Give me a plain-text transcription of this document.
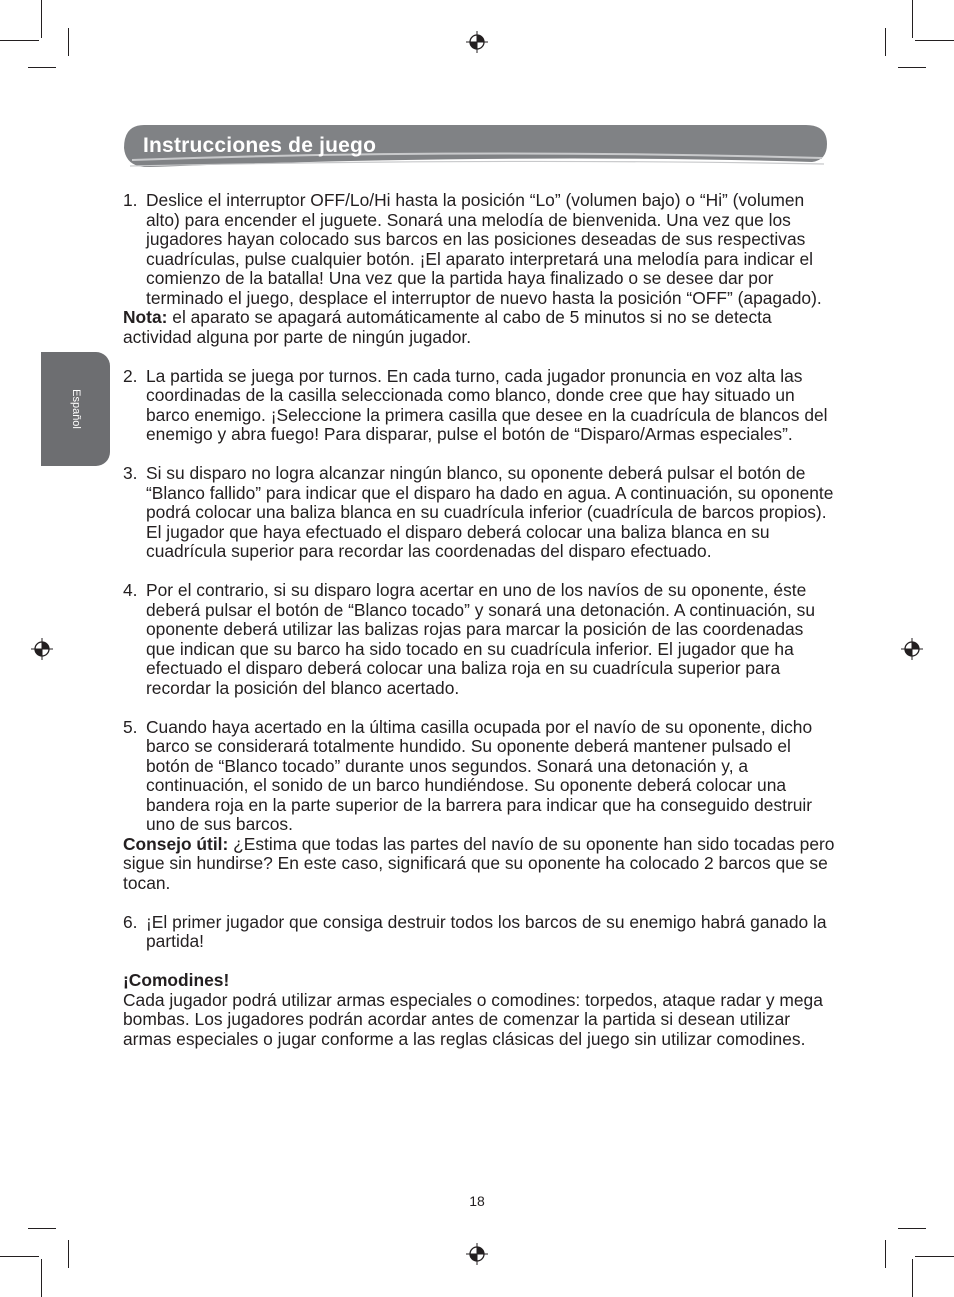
Instrucciones de juego
Español
1. Deslice el interruptor OFF/Lo/Hi hasta la posición “Lo” (volumen bajo) o “Hi” (volumen alto) para encender el juguete. Sonará una melodía de bienvenida. Una vez que los jugadores hayan colocado sus barcos en las posiciones deseadas de sus respectivas cuadrículas, pulse cualquier botón. ¡El aparato interpretará una melodía para indicar el comienzo de la batalla! Una vez que la partida haya finalizado o se desee dar por terminado el juego, desplace el interruptor de nuevo hasta la posición “OFF” (apagado).

Nota: el aparato se apagará automáticamente al cabo de 5 minutos si no se detecta actividad alguna por parte de ningún jugador.

2. La partida se juega por turnos. En cada turno, cada jugador pronuncia en voz alta las coordinadas de la casilla seleccionada como blanco, donde cree que hay situado un barco enemigo. ¡Seleccione la primera casilla que desee en la cuadrícula de blancos del enemigo y abra fuego! Para disparar, pulse el botón de “Disparo/Armas especiales”.
3. Si su disparo no logra alcanzar ningún blanco, su oponente deberá pulsar el botón de “Blanco fallido” para indicar que el disparo ha dado en agua. A continuación, su oponente podrá colocar una baliza blanca en su cuadrícula inferior (cuadrícula de barcos propios). El jugador que haya efectuado el disparo deberá colocar una baliza blanca en su cuadrícula superior para recordar las coordenadas del disparo efectuado.
4. Por el contrario, si su disparo logra acertar en uno de los navíos de su oponente, éste deberá pulsar el botón de “Blanco tocado” y sonará una detonación. A continuación, su oponente deberá utilizar las balizas rojas para marcar la posición de las coordenadas que indican que su barco ha sido tocado en su cuadrícula inferior. El jugador que ha efectuado el disparo deberá colocar una baliza roja en su cuadrícula superior para recordar la posición del blanco acertado.
5. Cuando haya acertado en la última casilla ocupada por el navío de su oponente, dicho barco se considerará totalmente hundido. Su oponente deberá mantener pulsado el botón de “Blanco tocado” durante unos segundos. Sonará una detonación y, a continuación, el sonido de un barco hundiéndose. Su oponente deberá colocar una bandera roja en la parte superior de la barrera para indicar que ha conseguido destruir uno de sus barcos.

Consejo útil: ¿Estima que todas las partes del navío de su oponente han sido tocadas pero sigue sin hundirse? En este caso, significará que su oponente ha colocado 2 barcos que se tocan.

6. ¡El primer jugador que consiga destruir todos los barcos de su enemigo habrá ganado la partida!

¡Comodines!

Cada jugador podrá utilizar armas especiales o comodines: torpedos, ataque radar y mega bombas. Los jugadores podrán acordar antes de comenzar la partida si desean utilizar armas especiales o jugar conforme a las reglas clásicas del juego sin utilizar comodines.

18
